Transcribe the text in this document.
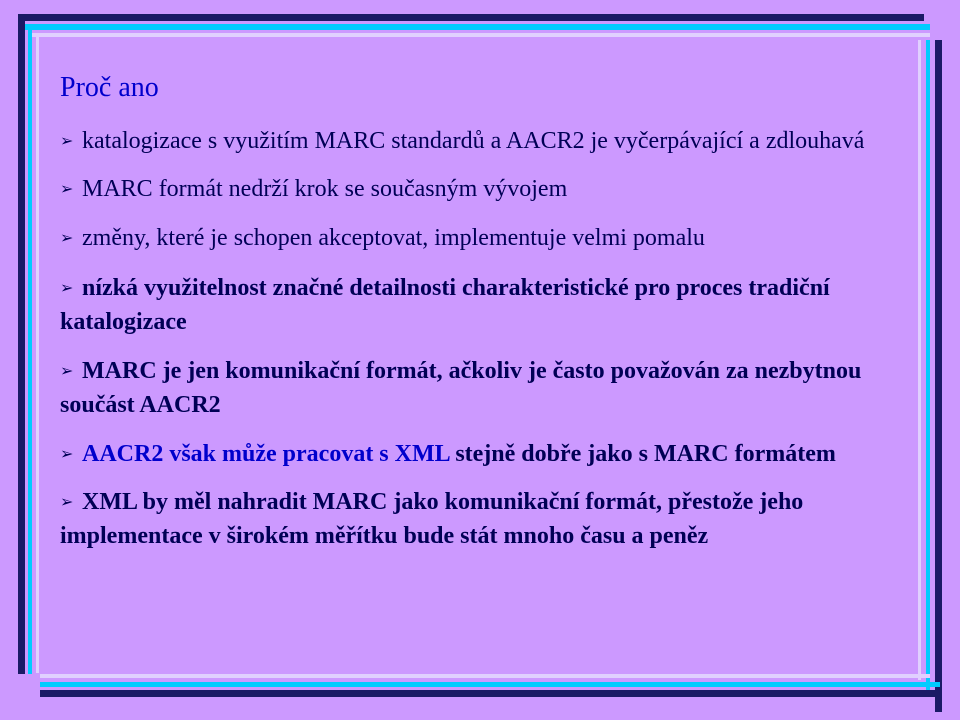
Proč ano
➢ katalogizace s využitím MARC standardů a AACR2 je vyčerpávající a zdlouhavá
➢ MARC formát nedrží krok se současným vývojem
➢ změny, které je schopen akceptovat, implementuje velmi pomalu
➢ nízká využitelnost značné detailnosti charakteristické pro proces tradiční katalogizace
➢ MARC je jen komunikační formát, ačkoliv je často považován za nezbytnou součást AACR2
➢ AACR2 však může pracovat s XML stejně dobře jako s MARC formátem
➢ XML by měl nahradit MARC jako komunikační formát, přestože jeho implementace v širokém měřítku bude stát mnoho času a peněz
